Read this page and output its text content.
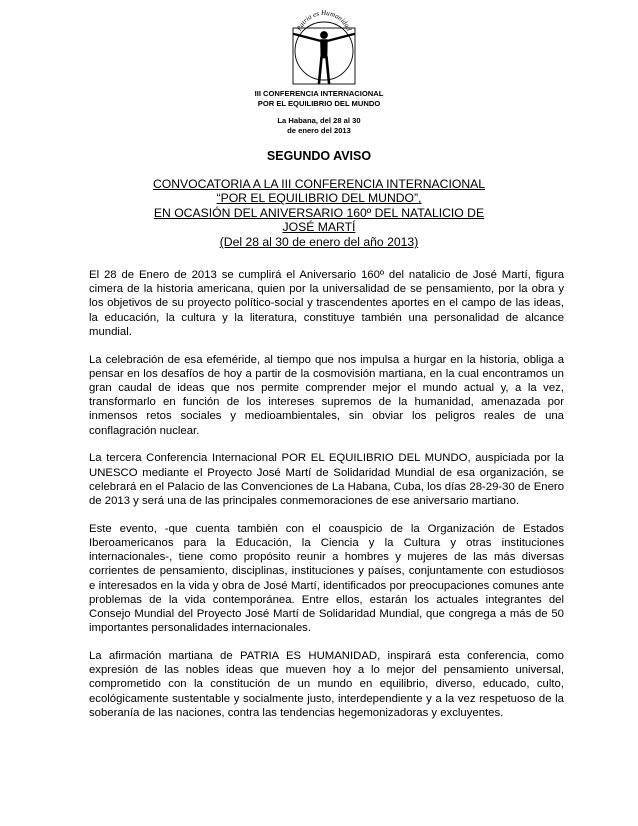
Patria es Humanidad
III CONFERENCIA INTERNACIONAL
POR EL EQUILIBRIO DEL MUNDO
La Habana, del 28 al 30
de enero del 2013
SEGUNDO AVISO
CONVOCATORIA A LA III CONFERENCIA INTERNACIONAL
“POR EL EQUILIBRIO DEL MUNDO”,
EN OCASIÓN DEL ANIVERSARIO 160º DEL NATALICIO DE
JOSÉ MARTÍ
(Del 28 al 30 de enero del año 2013)

El 28 de Enero de 2013 se cumplirá el Aniversario 160º del natalicio de José Martí, figura cimera de la historia americana, quien por la universalidad de se pensamiento, por la obra y los objetivos de su proyecto político-social y trascendentes aportes en el campo de las ideas, la educación, la cultura y la literatura, constituye también una personalidad de alcance mundial.

La celebración de esa efeméride, al tiempo que nos impulsa a hurgar en la historia, obliga a pensar en los desafíos de hoy a partir de la cosmovisión martiana, en la cual encontramos un gran caudal de ideas que nos permite comprender mejor el mundo actual y, a la vez, transformarlo en función de los intereses supremos de la humanidad, amenazada por inmensos retos sociales y medioambientales, sin obviar los peligros reales de una conflagración nuclear.

La tercera Conferencia Internacional POR EL EQUILIBRIO DEL MUNDO, auspiciada por la UNESCO mediante el Proyecto José Martí de Solidaridad Mundial de esa organización, se celebrará en el Palacio de las Convenciones de La Habana, Cuba, los días 28-29-30 de Enero de 2013 y será una de las principales conmemoraciones de ese aniversario martiano.

Este evento, -que cuenta también con el coauspicio de la Organización de Estados Iberoamericanos para la Educación, la Ciencia y la Cultura y otras instituciones internacionales-, tiene como propósito reunir a hombres y mujeres de las más diversas corrientes de pensamiento, disciplinas, instituciones y países, conjuntamente con estudiosos e interesados en la vida y obra de José Martí, identificados por preocupaciones comunes ante problemas de la vida contemporánea. Entre ellos, estarán los actuales integrantes del Consejo Mundial del Proyecto José Martí de Solidaridad Mundial, que congrega a más de 50 importantes personalidades internacionales.

La afirmación martiana de PATRIA ES HUMANIDAD, inspirará esta conferencia, como expresión de las nobles ideas que mueven hoy a lo mejor del pensamiento universal, comprometido con la constitución de un mundo en equilibrio, diverso, educado, culto, ecológicamente sustentable y socialmente justo, interdependiente y a la vez respetuoso de la soberanía de las naciones, contra las tendencias hegemonizadoras y excluyentes.
